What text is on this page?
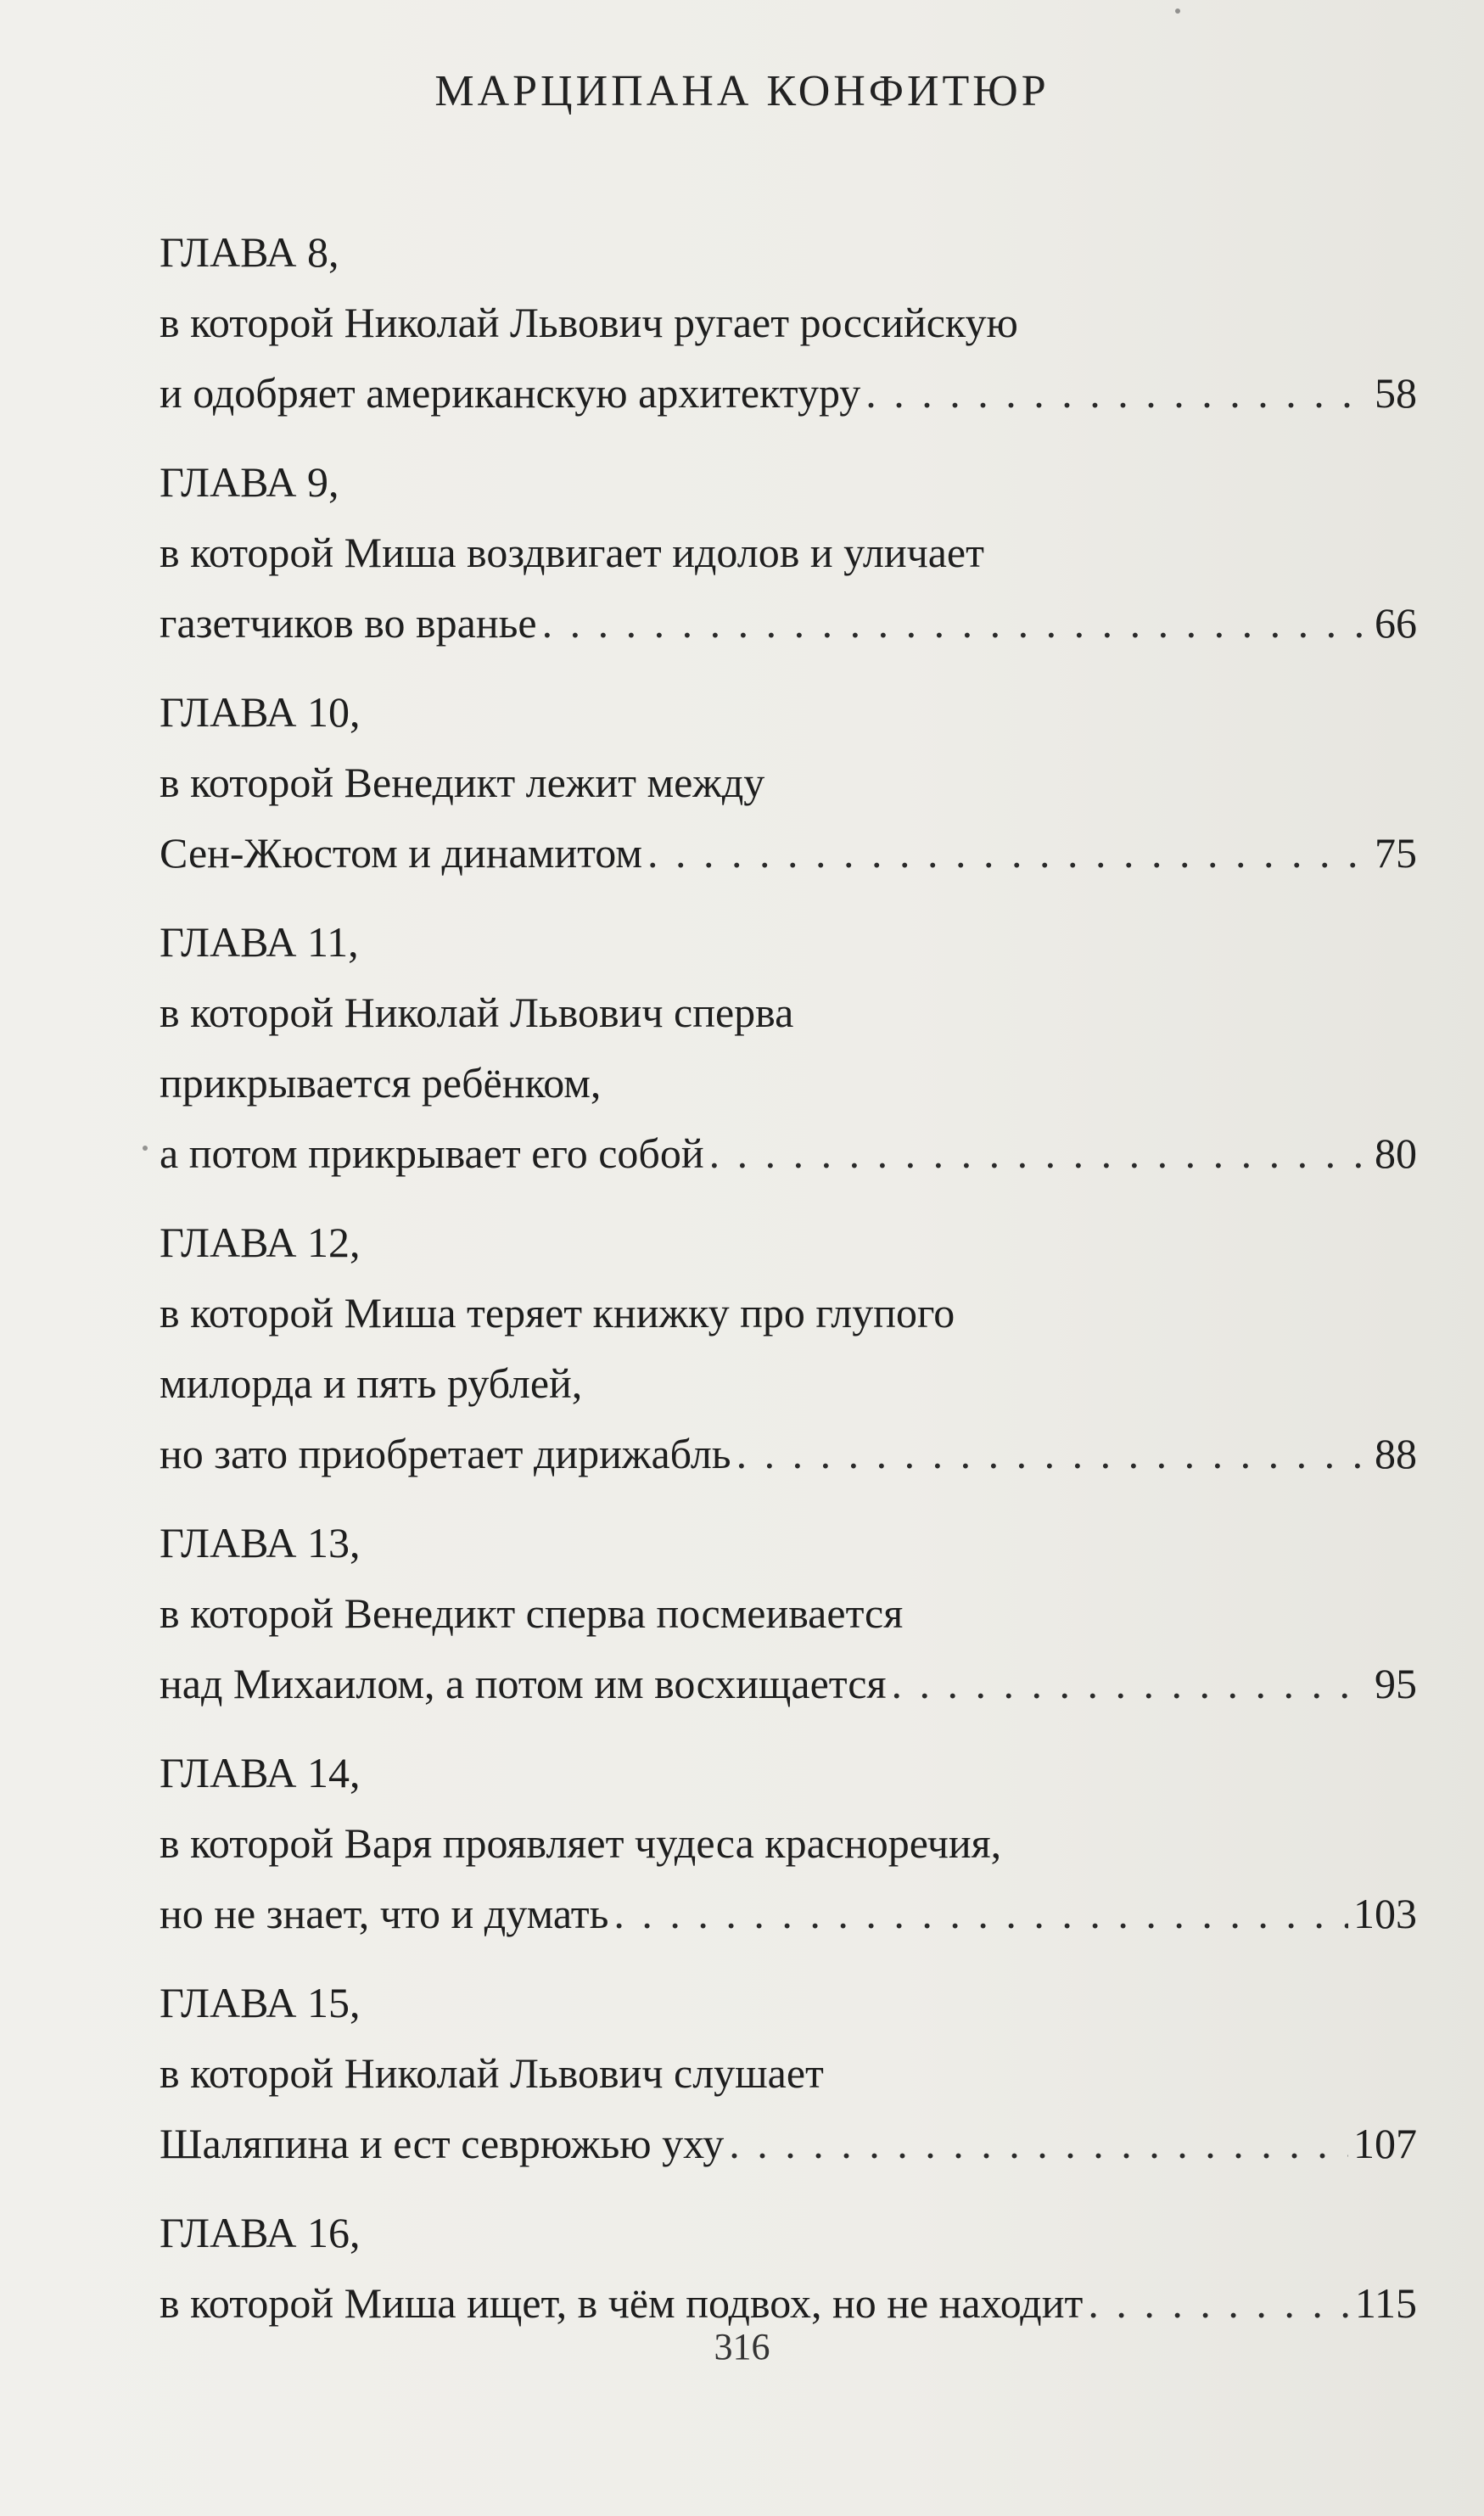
МАРЦИПАНА КОНФИТЮР
ГЛАВА 8,
в которой Николай Львович ругает российскую
и одобряет американскую архитектуру . . .	58
ГЛАВА 9,
в которой Миша воздвигает идолов и уличает
газетчиков во вранье . . .	66
ГЛАВА 10,
в которой Венедикт лежит между
Сен-Жюстом и динамитом . . .	75
ГЛАВА 11,
в которой Николай Львович сперва
прикрывается ребёнком,
а потом прикрывает его собой . . .	80
ГЛАВА 12,
в которой Миша теряет книжку про глупого
милорда и пять рублей,
но зато приобретает дирижабль . . .	88
ГЛАВА 13,
в которой Венедикт сперва посмеивается
над Михаилом, а потом им восхищается . . .	95
ГЛАВА 14,
в которой Варя проявляет чудеса красноречия,
но не знает, что и думать . . .	103
ГЛАВА 15,
в которой Николай Львович слушает
Шаляпина и ест севрюжью уху . . .	107
ГЛАВА 16,
в которой Миша ищет, в чём подвох, но не находит . . .	115
316
